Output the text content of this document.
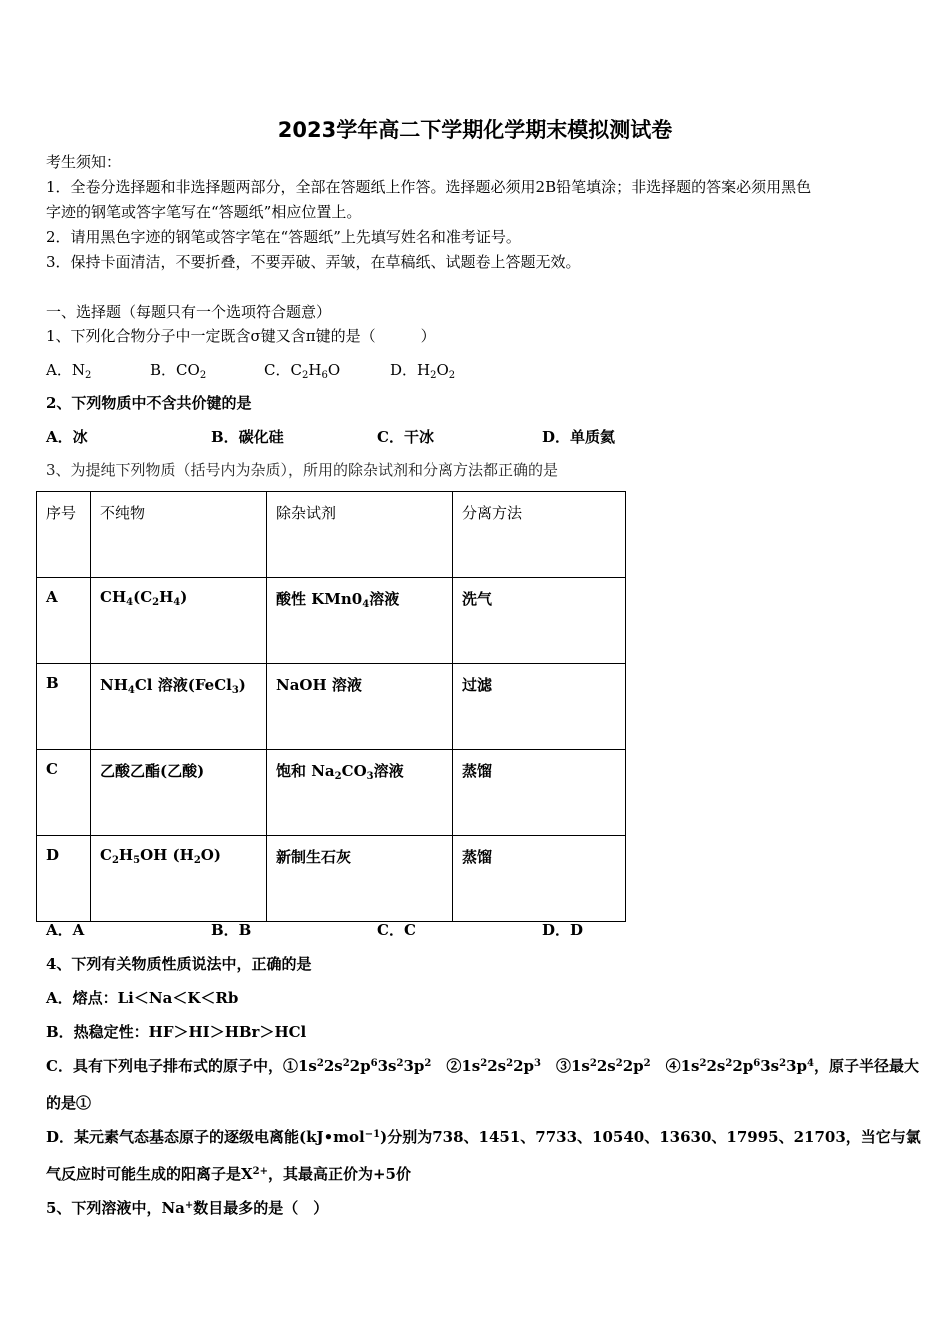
2023学年高二下学期化学期末模拟测试卷
考生须知：
1．全卷分选择题和非选择题两部分，全部在答题纸上作答。选择题必须用2B铅笔填涂；非选择题的答案必须用黑色
字迹的钢笔或答字笔写在“答题纸”相应位置上。
2．请用黑色字迹的钢笔或答字笔在“答题纸”上先填写姓名和准考证号。
3．保持卡面清洁，不要折叠，不要弄破、弄皱，在草稿纸、试题卷上答题无效。
一、选择题（每题只有一个选项符合题意）
1、下列化合物分子中一定既含σ键又含π键的是（　　　）
A．$N_2$	B．$CO_2$	C．$C_2H_6O$	D．$H_2O_2$
2、下列物质中不含共价键的是
A．冰	B．碳化硅	C．干冰	D．单质氦
3、为提纯下列物质（括号内为杂质），所用的除杂试剂和分离方法都正确的是
序号	不纯物	除杂试剂	分离方法
A	$CH_4(C_2H_4)$	酸性 $KMn0_4$溶液	洗气
B	$NH_4Cl$ 溶液(FeCl$_3$)	NaOH 溶液	过滤
C	乙酸乙酯(乙酸)	饱和 $Na_2CO_3$溶液	蒸馏
D	$C_2H_5OH$ $(H_2O)$	新制生石灰	蒸馏
A．A	B．B	C．C	D．D
4、下列有关物质性质说法中，正确的是
A．熔点：Li＜Na＜K＜Rb
B．热稳定性：HF＞HI＞HBr＞HCl
C．具有下列电子排布式的原子中，$①1s^22s^22p^63s^23p^2$　$②1s^22s^22p^3$　$③1s^22s^22p^2$　$④1s^22s^22p^63s^23p^4$，原子半径最大
的是①
D．某元素气态基态原子的逐级电离能(kJ•mol$^{-1}$)分别为738、1451、7733、10540、13630、17995、21703，当它与氯
气反应时可能生成的阳离子是$X^{2+}$，其最高正价为+5价
5、下列溶液中，Na+数目最多的是（　）
